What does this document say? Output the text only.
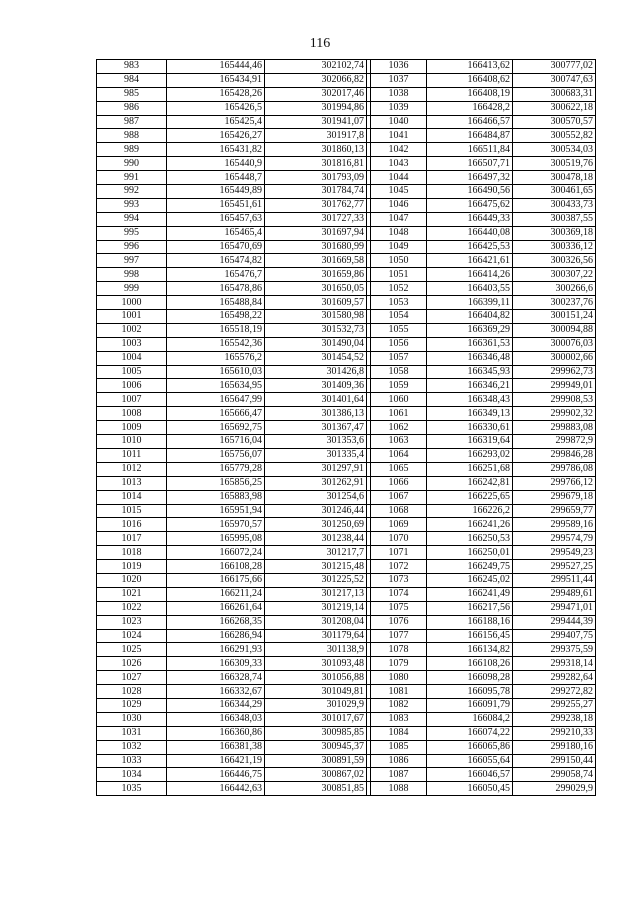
116
983	165444,46	302102,74		1036	166413,62	300777,02
984	165434,91	302066,82		1037	166408,62	300747,63
985	165428,26	302017,46		1038	166408,19	300683,31
986	165426,5	301994,86		1039	166428,2	300622,18
987	165425,4	301941,07		1040	166466,57	300570,57
988	165426,27	301917,8		1041	166484,87	300552,82
989	165431,82	301860,13		1042	166511,84	300534,03
990	165440,9	301816,81		1043	166507,71	300519,76
991	165448,7	301793,09		1044	166497,32	300478,18
992	165449,89	301784,74		1045	166490,56	300461,65
993	165451,61	301762,77		1046	166475,62	300433,73
994	165457,63	301727,33		1047	166449,33	300387,55
995	165465,4	301697,94		1048	166440,08	300369,18
996	165470,69	301680,99		1049	166425,53	300336,12
997	165474,82	301669,58		1050	166421,61	300326,56
998	165476,7	301659,86		1051	166414,26	300307,22
999	165478,86	301650,05		1052	166403,55	300266,6
1000	165488,84	301609,57		1053	166399,11	300237,76
1001	165498,22	301580,98		1054	166404,82	300151,24
1002	165518,19	301532,73		1055	166369,29	300094,88
1003	165542,36	301490,04		1056	166361,53	300076,03
1004	165576,2	301454,52		1057	166346,48	300002,66
1005	165610,03	301426,8		1058	166345,93	299962,73
1006	165634,95	301409,36		1059	166346,21	299949,01
1007	165647,99	301401,64		1060	166348,43	299908,53
1008	165666,47	301386,13		1061	166349,13	299902,32
1009	165692,75	301367,47		1062	166330,61	299883,08
1010	165716,04	301353,6		1063	166319,64	299872,9
1011	165756,07	301335,4		1064	166293,02	299846,28
1012	165779,28	301297,91		1065	166251,68	299786,08
1013	165856,25	301262,91		1066	166242,81	299766,12
1014	165883,98	301254,6		1067	166225,65	299679,18
1015	165951,94	301246,44		1068	166226,2	299659,77
1016	165970,57	301250,69		1069	166241,26	299589,16
1017	165995,08	301238,44		1070	166250,53	299574,79
1018	166072,24	301217,7		1071	166250,01	299549,23
1019	166108,28	301215,48		1072	166249,75	299527,25
1020	166175,66	301225,52		1073	166245,02	299511,44
1021	166211,24	301217,13		1074	166241,49	299489,61
1022	166261,64	301219,14		1075	166217,56	299471,01
1023	166268,35	301208,04		1076	166188,16	299444,39
1024	166286,94	301179,64		1077	166156,45	299407,75
1025	166291,93	301138,9		1078	166134,82	299375,59
1026	166309,33	301093,48		1079	166108,26	299318,14
1027	166328,74	301056,88		1080	166098,28	299282,64
1028	166332,67	301049,81		1081	166095,78	299272,82
1029	166344,29	301029,9		1082	166091,79	299255,27
1030	166348,03	301017,67		1083	166084,2	299238,18
1031	166360,86	300985,85		1084	166074,22	299210,33
1032	166381,38	300945,37		1085	166065,86	299180,16
1033	166421,19	300891,59		1086	166055,64	299150,44
1034	166446,75	300867,02		1087	166046,57	299058,74
1035	166442,63	300851,85		1088	166050,45	299029,9
